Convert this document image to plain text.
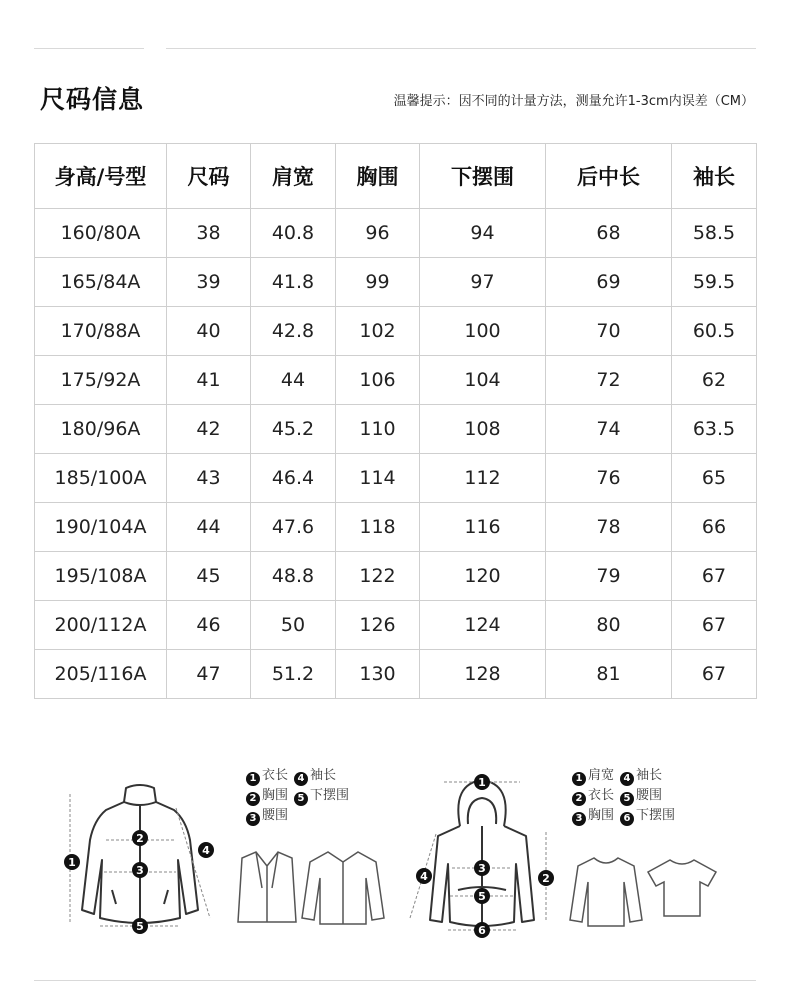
尺码信息	温馨提示：因不同的计量方法，测量允许1-3cm内误差（CM）
身高/号型	尺码	肩宽	胸围	下摆围	后中长	袖长
160/80A	38	40.8	96	94	68	58.5
165/84A	39	41.8	99	97	69	59.5
170/88A	40	42.8	102	100	70	60.5
175/92A	41	44	106	104	72	62
180/96A	42	45.2	110	108	74	63.5
185/100A	43	46.4	114	112	76	65
190/104A	44	47.6	118	116	78	66
195/108A	45	48.8	122	120	79	67
200/112A	46	50	126	124	80	67
205/116A	47	51.2	130	128	81	67
1
2
3
4
5
1 衣长 4 袖长
2 胸围 5 下摆围
3 腰围
1
2
3
4
5
6
1 肩宽 4 袖长
2 衣长 5 腰围
3 胸围 6 下摆围
